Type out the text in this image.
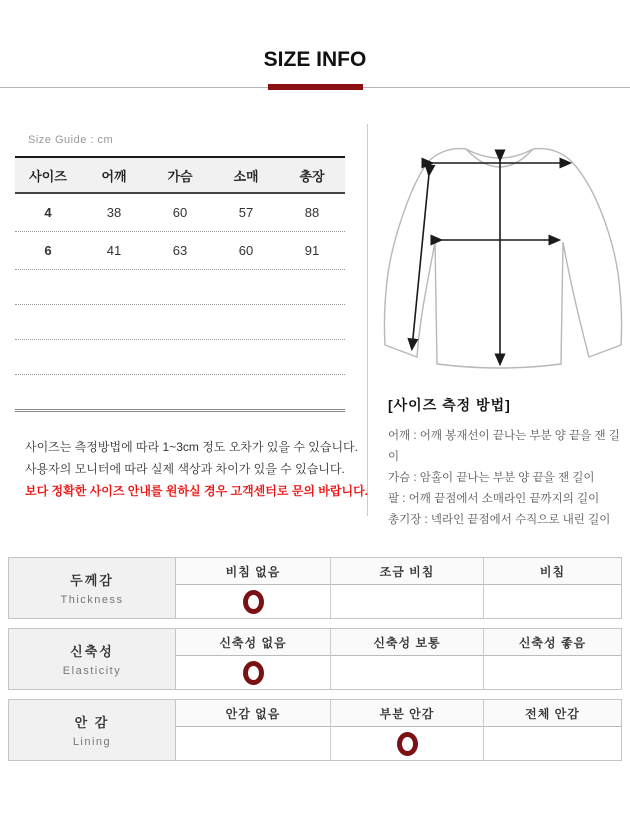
SIZE INFO
Size Guide : cm
사이즈	어깨	가슴	소매	총장
4	38	60	57	88
6	41	63	60	91
[사이즈 측정 방법]
어깨 : 어깨 봉재선이 끝나는 부분 양 끝을 잰 길이
가슴 : 암홀이 끝나는 부분 양 끝을 잰 길이
팔 : 어깨 끝점에서 소매라인 끝까지의 길이
총기장 : 넥라인 끝점에서 수직으로 내린 길이
사이즈는 측정방법에 따라 1~3cm 정도 오차가 있을 수 있습니다.
사용자의 모니터에 따라 실제 색상과 차이가 있을 수 있습니다.
보다 정확한 사이즈 안내를 원하실 경우 고객센터로 문의 바랍니다.
두께감
Thickness
비침 없음	조금 비침	비침
신축성
Elasticity
신축성 없음	신축성 보통	신축성 좋음
안 감
Lining
안감 없음	부분 안감	전체 안감
